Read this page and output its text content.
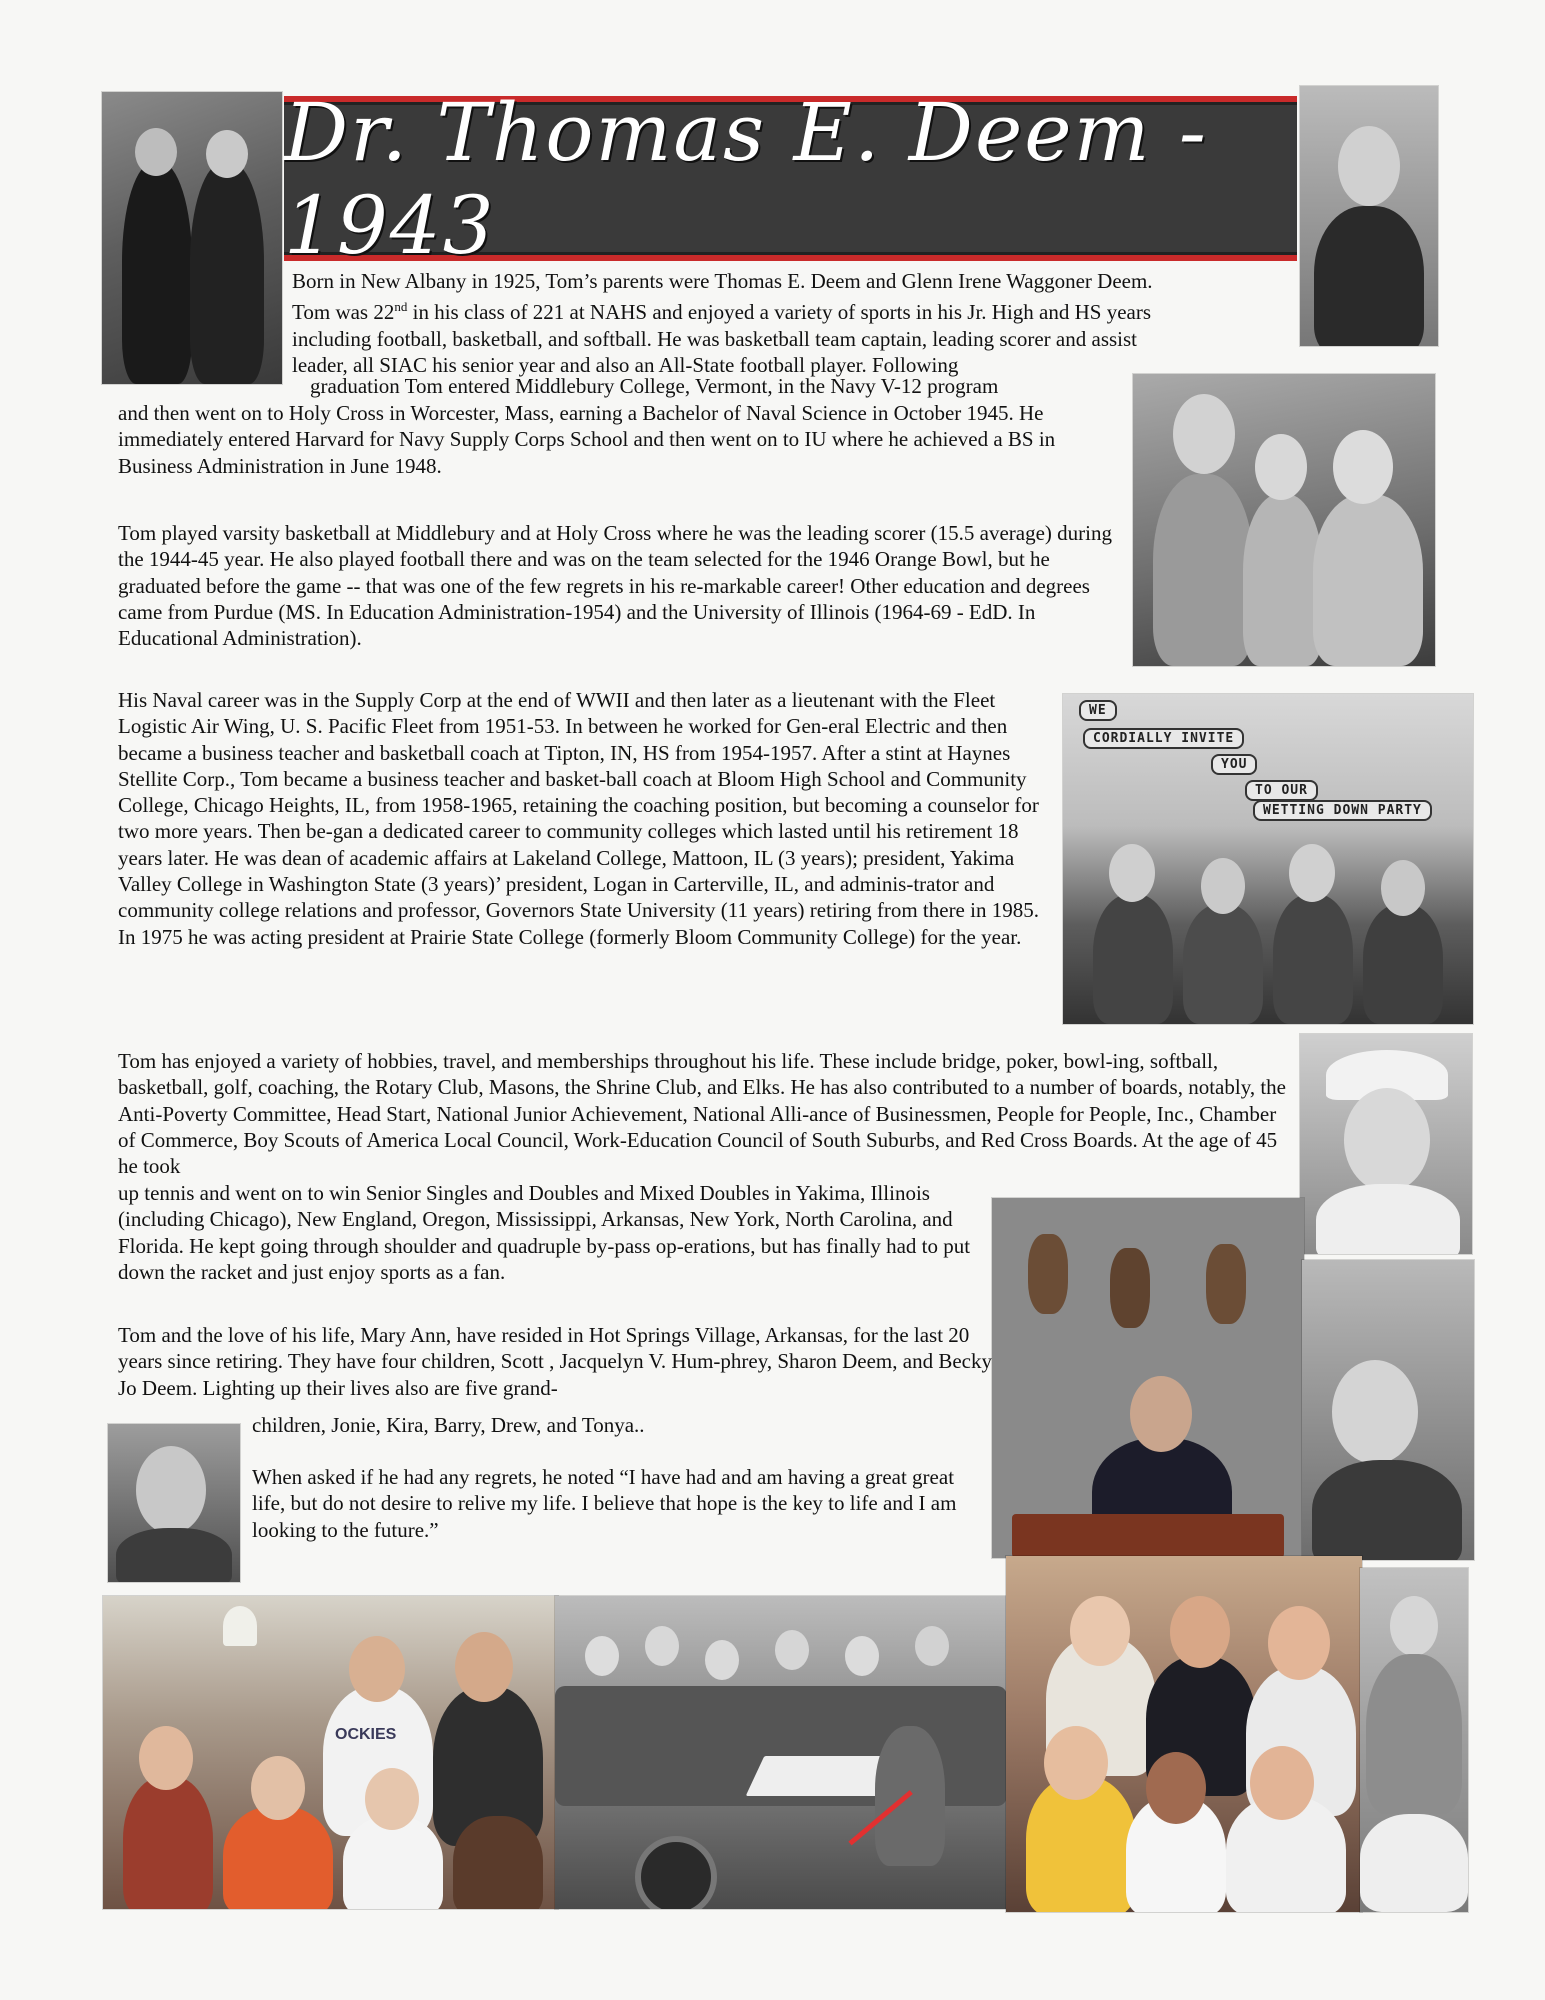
Dr. Thomas E. Deem - 1943
Born in New Albany in 1925, Tom’s parents were Thomas E. Deem and Glenn Irene Waggoner Deem.
Tom was 22nd in his class of 221 at NAHS and enjoyed a variety of sports in his Jr. High and HS years
including football, basketball, and softball. He was basketball team captain, leading scorer and assist
leader, all SIAC his senior year and also an All-State football player. Following
graduation Tom entered Middlebury College, Vermont, in the Navy V-12 program
and then went on to Holy Cross in Worcester, Mass, earning a Bachelor of Naval Science in October 1945. He immediately entered Harvard for Navy Supply Corps School and then went on to IU where he achieved a BS in Business Administration in June 1948.
Tom played varsity basketball at Middlebury and at Holy Cross where he was the leading scorer (15.5 average) during the 1944-45 year. He also played football there and was on the team selected for the 1946 Orange Bowl, but he graduated before the game -- that was one of the few regrets in his re-markable career! Other education and degrees came from Purdue (MS. In Education Administration-1954) and the University of Illinois (1964-69 - EdD. In Educational Administration).
WE
CORDIALLY INVITE
YOU
TO OUR
WETTING DOWN PARTY
His Naval career was in the Supply Corp at the end of WWII and then later as a lieutenant with the Fleet Logistic Air Wing, U. S. Pacific Fleet from 1951-53. In between he worked for Gen-eral Electric and then became a business teacher and basketball coach at Tipton, IN, HS from 1954-1957. After a stint at Haynes Stellite Corp., Tom became a business teacher and basket-ball coach at Bloom High School and Community College, Chicago Heights, IL, from 1958-1965, retaining the coaching position, but becoming a counselor for two more years. Then be-gan a dedicated career to community colleges which lasted until his retirement 18 years later. He was dean of academic affairs at Lakeland College, Mattoon, IL (3 years); president, Yakima Valley College in Washington State (3 years)’ president, Logan in Carterville, IL, and adminis-trator and community college relations and professor, Governors State University (11 years) retiring from there in 1985. In 1975 he was acting president at Prairie State College (formerly Bloom Community College) for the year.
Tom has enjoyed a variety of hobbies, travel, and memberships throughout his life. These include bridge, poker, bowl-ing, softball, basketball, golf, coaching, the Rotary Club, Masons, the Shrine Club, and Elks. He has also contributed to a number of boards, notably, the Anti-Poverty Committee, Head Start, National Junior Achievement, National Alli-ance of Businessmen, People for People, Inc., Chamber of Commerce, Boy Scouts of America Local Council, Work-Education Council of South Suburbs, and Red Cross Boards. At the age of 45 he took
up tennis and went on to win Senior Singles and Doubles and Mixed Doubles in Yakima, Illinois (including Chicago), New England, Oregon, Mississippi, Arkansas, New York, North Carolina, and Florida. He kept going through shoulder and quadruple by-pass op-erations, but has finally had to put down the racket and just enjoy sports as a fan.
Tom and the love of his life, Mary Ann, have resided in Hot Springs Village, Arkansas, for the last 20 years since retiring. They have four children, Scott , Jacquelyn V. Hum-phrey, Sharon Deem, and Becky Jo Deem. Lighting up their lives also are five grand-
children, Jonie, Kira, Barry, Drew, and Tonya..
When asked if he had any regrets, he noted “I have had and am having a great great life, but do not desire to relive my life. I believe that hope is the key to life and I am looking to the future.”
OCKIES
